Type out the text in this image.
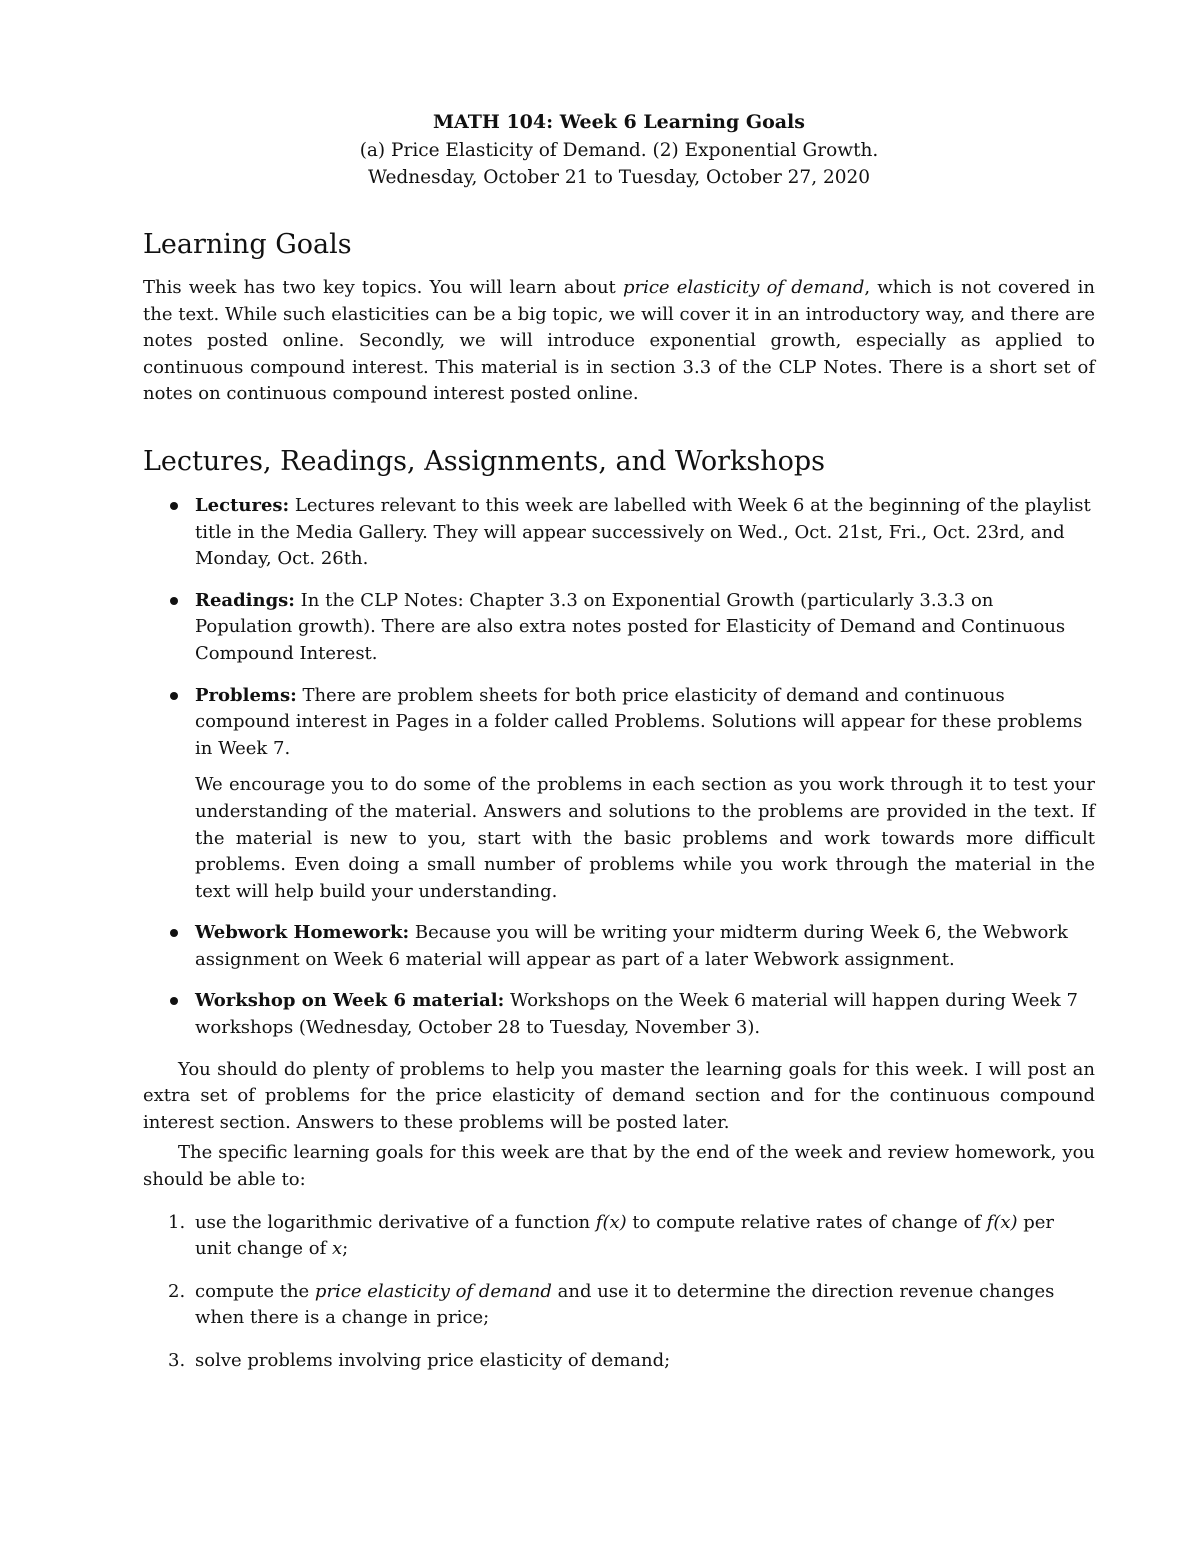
MATH 104: Week 6 Learning Goals
(a) Price Elasticity of Demand. (2) Exponential Growth.
Wednesday, October 21 to Tuesday, October 27, 2020
Learning Goals

This week has two key topics. You will learn about price elasticity of demand, which is not covered in the text. While such elasticities can be a big topic, we will cover it in an introductory way, and there are notes posted online. Secondly, we will introduce exponential growth, especially as applied to continuous compound interest. This material is in section 3.3 of the CLP Notes. There is a short set of notes on continuous compound interest posted online.

Lectures, Readings, Assignments, and Workshops
Lectures: Lectures relevant to this week are labelled with Week 6 at the beginning of the playlist title in the Media Gallery. They will appear successively on Wed., Oct. 21st, Fri., Oct. 23rd, and Monday, Oct. 26th.
Readings: In the CLP Notes: Chapter 3.3 on Exponential Growth (particularly 3.3.3 on Population growth). There are also extra notes posted for Elasticity of Demand and Continuous Compound Interest.
Problems: There are problem sheets for both price elasticity of demand and continuous compound interest in Pages in a folder called Problems. Solutions will appear for these problems in Week 7.

We encourage you to do some of the problems in each section as you work through it to test your understanding of the material. Answers and solutions to the problems are provided in the text. If the material is new to you, start with the basic problems and work towards more difficult problems. Even doing a small number of problems while you work through the material in the text will help build your understanding.

Webwork Homework: Because you will be writing your midterm during Week 6, the Webwork assignment on Week 6 material will appear as part of a later Webwork assignment.
Workshop on Week 6 material: Workshops on the Week 6 material will happen during Week 7 workshops (Wednesday, October 28 to Tuesday, November 3).

You should do plenty of problems to help you master the learning goals for this week. I will post an extra set of problems for the price elasticity of demand section and for the continuous compound interest section. Answers to these problems will be posted later.

The specific learning goals for this week are that by the end of the week and review homework, you should be able to:

1. use the logarithmic derivative of a function f(x) to compute relative rates of change of f(x) per unit change of x;
2. compute the price elasticity of demand and use it to determine the direction revenue changes when there is a change in price;
3. solve problems involving price elasticity of demand;
